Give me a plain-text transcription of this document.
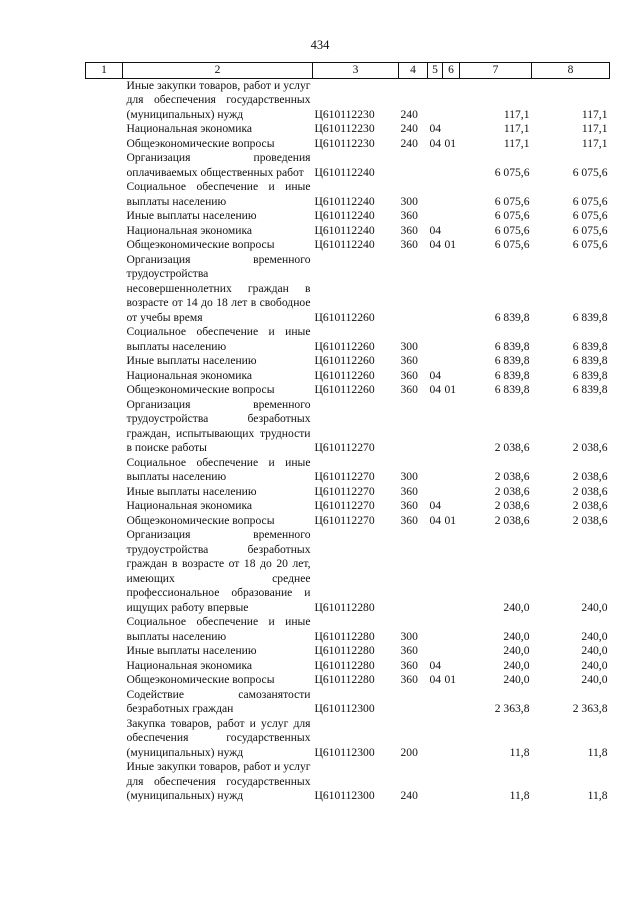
434
1	2	3	4	5	6	7	8
	Иные закупки товаров, работ и услуг для обеспечения государственных (муниципальных) нужд	Ц610112230	240			117,1	117,1
	Национальная экономика	Ц610112230	240	04		117,1	117,1
	Общеэкономические вопросы	Ц610112230	240	04	01	117,1	117,1
	Организация проведения оплачиваемых общественных работ	Ц610112240				6 075,6	6 075,6
	Социальное обеспечение и иные выплаты населению	Ц610112240	300			6 075,6	6 075,6
	Иные выплаты населению	Ц610112240	360			6 075,6	6 075,6
	Национальная экономика	Ц610112240	360	04		6 075,6	6 075,6
	Общеэкономические вопросы	Ц610112240	360	04	01	6 075,6	6 075,6
	Организация временного трудоустройства несовершеннолетних граждан в возрасте от 14 до 18 лет в свободное от учебы время	Ц610112260				6 839,8	6 839,8
	Социальное обеспечение и иные выплаты населению	Ц610112260	300			6 839,8	6 839,8
	Иные выплаты населению	Ц610112260	360			6 839,8	6 839,8
	Национальная экономика	Ц610112260	360	04		6 839,8	6 839,8
	Общеэкономические вопросы	Ц610112260	360	04	01	6 839,8	6 839,8
	Организация временного трудоустройства безработных граждан, испытывающих трудности в поиске работы	Ц610112270				2 038,6	2 038,6
	Социальное обеспечение и иные выплаты населению	Ц610112270	300			2 038,6	2 038,6
	Иные выплаты населению	Ц610112270	360			2 038,6	2 038,6
	Национальная экономика	Ц610112270	360	04		2 038,6	2 038,6
	Общеэкономические вопросы	Ц610112270	360	04	01	2 038,6	2 038,6
	Организация временного трудоустройства безработных граждан в возрасте от 18 до 20 лет, имеющих среднее профессиональное образование и ищущих работу впервые	Ц610112280				240,0	240,0
	Социальное обеспечение и иные выплаты населению	Ц610112280	300			240,0	240,0
	Иные выплаты населению	Ц610112280	360			240,0	240,0
	Национальная экономика	Ц610112280	360	04		240,0	240,0
	Общеэкономические вопросы	Ц610112280	360	04	01	240,0	240,0
	Содействие самозанятости безработных граждан	Ц610112300				2 363,8	2 363,8
	Закупка товаров, работ и услуг для обеспечения государственных (муниципальных) нужд	Ц610112300	200			11,8	11,8
	Иные закупки товаров, работ и услуг для обеспечения государственных (муниципальных) нужд	Ц610112300	240			11,8	11,8
